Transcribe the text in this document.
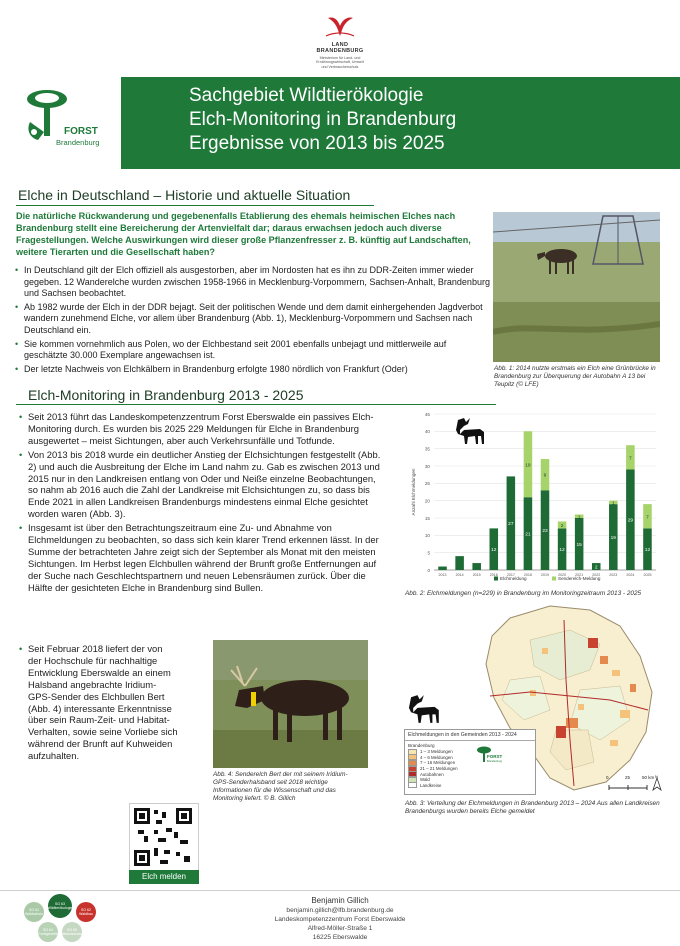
LAND
BRANDENBURG
Ministerium für Land- und
Ernährungswirtschaft, Umwelt
und Verbraucherschutz
FORST
Brandenburg
Sachgebiet Wildtierökologie
Elch-Monitoring in Brandenburg
Ergebnisse von 2013 bis 2025
Elche in Deutschland – Historie und aktuelle Situation
Die natürliche Rückwanderung und gegebenenfalls Etablierung des ehemals heimischen Elches nach Brandenburg stellt eine Bereicherung der Artenvielfalt dar; daraus erwachsen jedoch auch diverse Fragestellungen. Welche Auswirkungen wird dieser große Pflanzenfresser z. B. künftig auf Landschaften, weitere Tierarten und die Gesellschaft haben?
• In Deutschland gilt der Elch offiziell als ausgestorben, aber im Nordosten hat es ihn zu DDR-Zeiten immer wieder gegeben. 12 Wanderelche wurden zwischen 1958-1966 in Mecklenburg-Vorpommern, Sachsen-Anhalt, Brandenburg und Sachsen beobachtet.
• Ab 1982 wurde der Elch in der DDR bejagt. Seit der politischen Wende und dem damit einhergehenden Jagdverbot wandern zunehmend Elche, vor allem über Brandenburg (Abb. 1), Mecklenburg-Vorpommern und Sachsen nach Deutschland ein.
• Sie kommen vornehmlich aus Polen, wo der Elchbestand seit 2001 ebenfalls unbejagt und mittlerweile auf geschätzte 30.000 Exemplare angewachsen ist.
• Der letzte Nachweis von Elchkälbern in Brandenburg erfolgte 1980 nördlich von Frankfurt (Oder)	Abb. 1: 2014 nutzte erstmals ein Elch eine Grünbrücke in Brandenburg zur Überquerung der Autobahn A 13 bei Teupitz (© LFE)
Elch-Monitoring in Brandenburg 2013 - 2025
• Seit 2013 führt das Landeskompetenzzentrum Forst Eberswalde ein passives Elch-Monitoring durch. Es wurden bis 2025 229 Meldungen für Elche in Brandenburg ausgewertet – meist Sichtungen, aber auch Verkehrsunfälle und Totfunde.
• Von 2013 bis 2018 wurde ein deutlicher Anstieg der Elchsichtungen festgestellt (Abb. 2) und auch die Ausbreitung der Elche im Land nahm zu. Gab es zwischen 2013 und 2015 nur in den Landkreisen entlang von Oder und Neiße einzelne Beobachtungen, so nahm ab 2016 auch die Zahl der Landkreise mit Elchsichtungen zu, so dass bis Ende 2021 in allen Landkreisen Brandenburgs mindestens einmal Elche gesichtet worden waren (Abb. 3).
• Insgesamt ist über den Betrachtungszeitraum eine Zu- und Abnahme von Elchmeldungen zu beobachten, so dass sich kein klarer Trend erkennen lässt. In der Summe der betrachteten Jahre zeigt sich der September als Monat mit den meisten Sichtungen. Im Herbst legen Elchbullen während der Brunft große Entfernungen auf der Suche nach Geschlechtspartnern und neuen Lebensräumen zurück. Über die Hälfte der gesichteten Elche in Brandenburg sind Bullen.
• Seit Februar 2018 liefert der von der Hochschule für nachhaltige Entwicklung Eberswalde an einem Halsband angebrachte Iridium-GPS-Sender des Elchbullen Bert (Abb. 4) interessante Erkenntnisse über sein Raum-Zeit- und Habitat-Verhalten, sowie seine Vorliebe sich während der Brunft auf Kuhweiden aufzuhalten.
Abb. 4: Senderelch Bert der mit seinem Iridium-GPS-Senderhalsband seit 2018 wichtige Informationen für die Wissenschaft und das Monitoring liefert. © B. Gillich
Elch melden
0
5
10
15
20
25
30
35
40
45
Anzahl Elchmeldungen
2013	2014	2015
12
2016
27
2017
19
21
2018
9
23
2019
2
12
2020
1
15
2021
2
2022
1
19
2023
7
29
2024
7
12
2025
Elchmeldung	Senderelch-Meldung
Abb. 2: Elchmeldungen (n=229) in Brandenburg im Monitoringzeitraum 2013 - 2025
Elchmeldungen in den Gemeinden 2013 - 2024
Brandenburg
1 – 3 Meldungen
4 – 6 Meldungen
7 – 16 Meldungen
21 – 21 Meldungen
Autobahnen
Wald
Landkreise
FORST
Brandenburg
0	25	50 km N
Abb. 3: Verteilung der Elchmeldungen in Brandenburg 2013 – 2024 Aus allen Landkreisen Brandenburgs wurden bereits Elche gemeldet
Benjamin Gillich
benjamin.gillich@lfb.brandenburg.de
Landeskompetenzzentrum Forst Eberswalde
Alfred-Möller-Straße 1
16225 Eberswalde
SG 63 Wildtierökologie
SG 61 Waldschutz
SG 62 Waldbau
SG 64 Forstgenetik
SG 65 Waldwachstum
